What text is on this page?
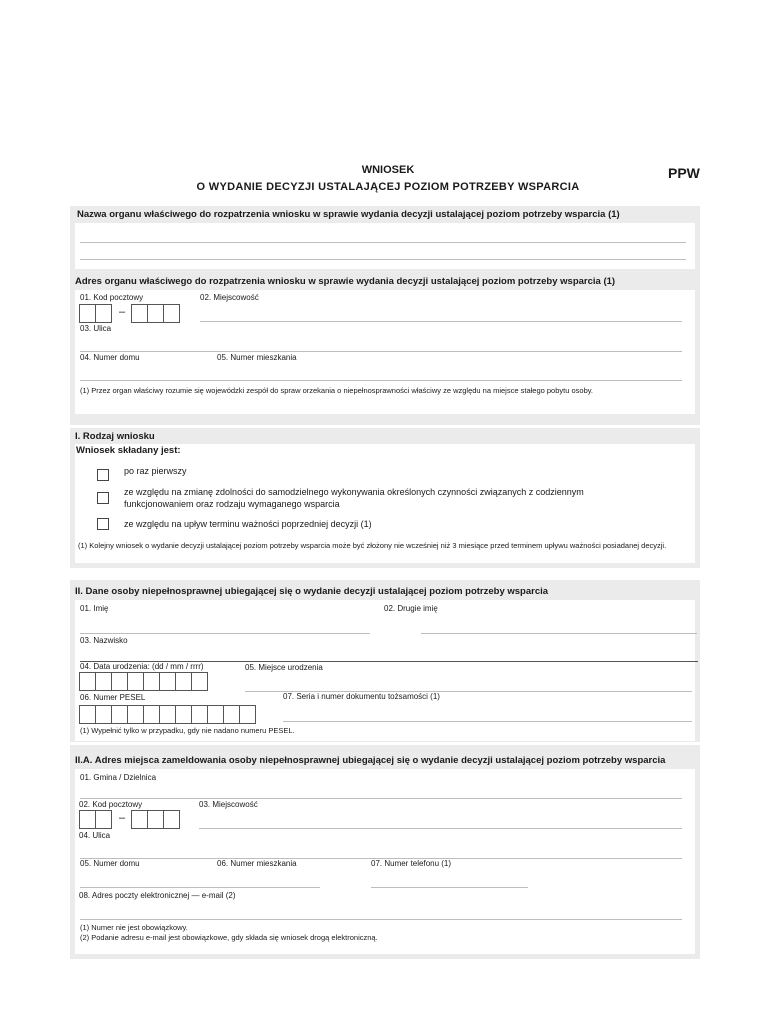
WNIOSEK
O WYDANIE DECYZJI USTALAJĄCEJ POZIOM POTRZEBY WSPARCIA
PPW
Nazwa organu właściwego do rozpatrzenia wniosku w sprawie wydania decyzji ustalającej poziom potrzeby wsparcia (1)
Adres organu właściwego do rozpatrzenia wniosku w sprawie wydania decyzji ustalającej poziom potrzeby wsparcia (1)
01. Kod pocztowy
–
02. Miejscowość
03. Ulica
04. Numer domu	05. Numer mieszkania
(1) Przez organ właściwy rozumie się wojewódzki zespół do spraw orzekania o niepełnosprawności właściwy ze względu na miejsce stałego pobytu osoby.
I. Rodzaj wniosku
Wniosek składany jest:
po raz pierwszy
ze względu na zmianę zdolności do samodzielnego wykonywania określonych czynności związanych z codziennym funkcjonowaniem oraz rodzaju wymaganego wsparcia
ze względu na upływ terminu ważności poprzedniej decyzji (1)
(1) Kolejny wniosek o wydanie decyzji ustalającej poziom potrzeby wsparcia może być złożony nie wcześniej niż 3 miesiące przed terminem upływu ważności posiadanej decyzji.
II. Dane osoby niepełnosprawnej ubiegającej się o wydanie decyzji ustalającej poziom potrzeby wsparcia
01. Imię	02. Drugie imię
03. Nazwisko
04. Data urodzenia: (dd / mm / rrrr)	05. Miejsce urodzenia
06. Numer PESEL	07. Seria i numer dokumentu tożsamości (1)
(1) Wypełnić tylko w przypadku, gdy nie nadano numeru PESEL.
II.A. Adres miejsca zameldowania osoby niepełnosprawnej ubiegającej się o wydanie decyzji ustalającej poziom potrzeby wsparcia
01. Gmina / Dzielnica
02. Kod pocztowy
–
03. Miejscowość
04. Ulica
05. Numer domu	06. Numer mieszkania	07. Numer telefonu (1)
08. Adres poczty elektronicznej — e-mail (2)
(1) Numer nie jest obowiązkowy.
(2) Podanie adresu e-mail jest obowiązkowe, gdy składa się wniosek drogą elektroniczną.
